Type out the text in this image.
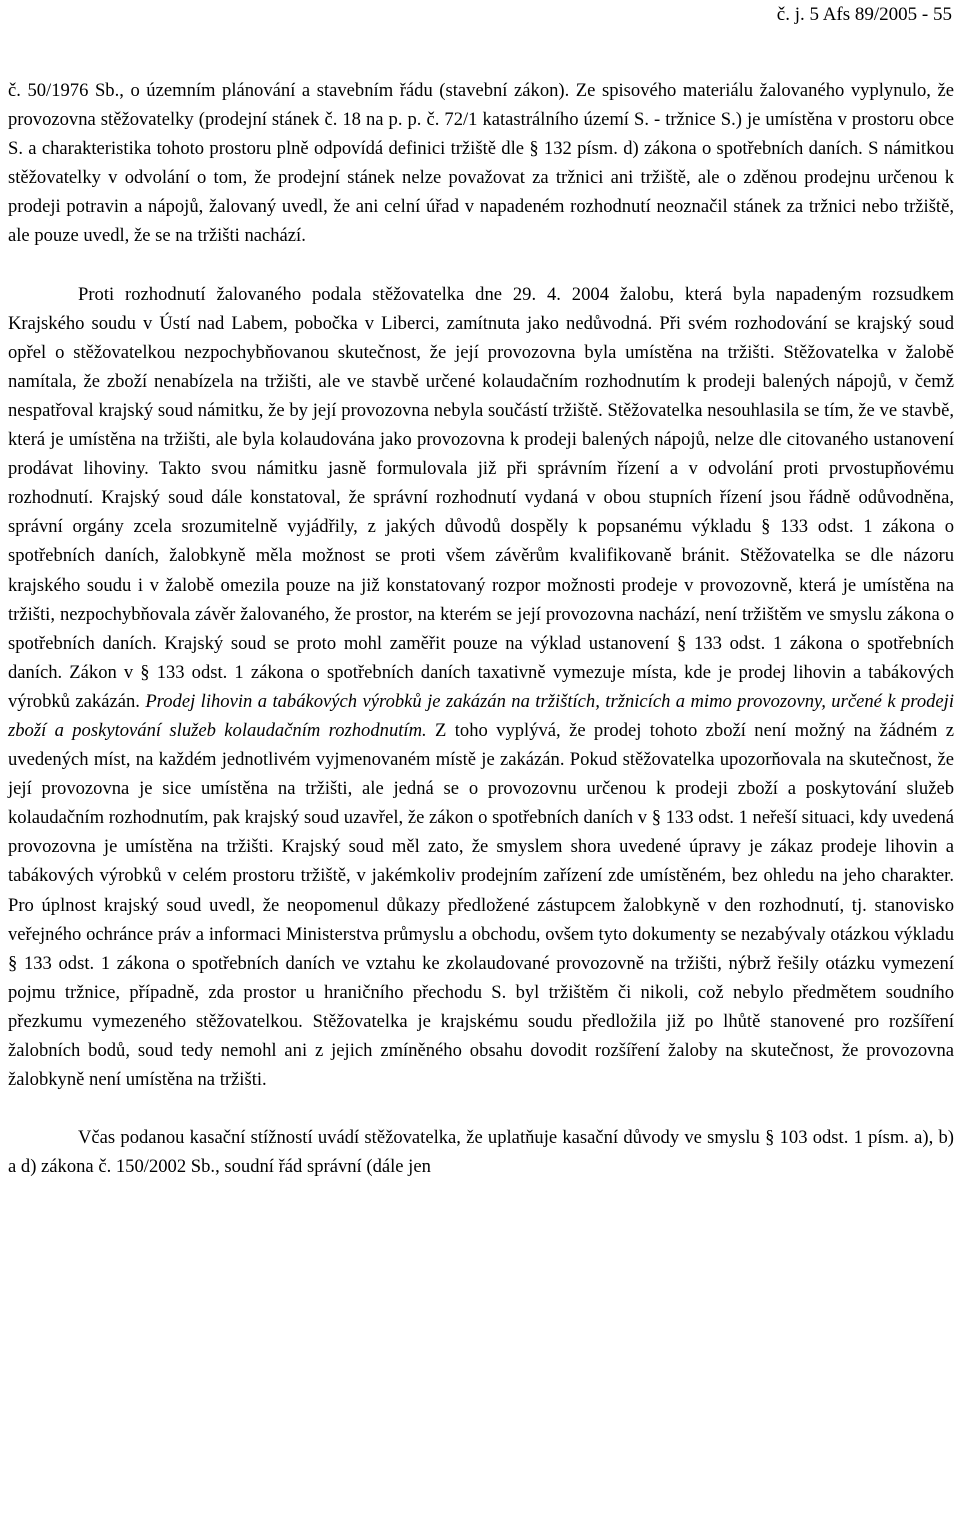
č. j. 5 Afs 89/2005 - 55

č. 50/1976 Sb., o územním plánování a stavebním řádu (stavební zákon). Ze spisového materiálu žalovaného vyplynulo, že provozovna stěžovatelky (prodejní stánek č. 18 na p. p. č. 72/1 katastrálního území S. - tržnice S.) je umístěna v prostoru obce S. a charakteristika tohoto prostoru plně odpovídá definici tržiště dle § 132 písm. d) zákona o spotřebních daních. S námitkou stěžovatelky v odvolání o tom, že prodejní stánek nelze považovat za tržnici ani tržiště, ale o zděnou prodejnu určenou k prodeji potravin a nápojů, žalovaný uvedl, že ani celní úřad v napadeném rozhodnutí neoznačil stánek za tržnici nebo tržiště, ale pouze uvedl, že se na tržišti nachází.

Proti rozhodnutí žalovaného podala stěžovatelka dne 29. 4. 2004 žalobu, která byla napadeným rozsudkem Krajského soudu v Ústí nad Labem, pobočka v Liberci, zamítnuta jako nedůvodná. Při svém rozhodování se krajský soud opřel o stěžovatelkou nezpochybňovanou skutečnost, že její provozovna byla umístěna na tržišti. Stěžovatelka v žalobě namítala, že zboží nenabízela na tržišti, ale ve stavbě určené kolaudačním rozhodnutím k prodeji balených nápojů, v čemž nespatřoval krajský soud námitku, že by její provozovna nebyla součástí tržiště. Stěžovatelka nesouhlasila se tím, že ve stavbě, která je umístěna na tržišti, ale byla kolaudována jako provozovna k prodeji balených nápojů, nelze dle citovaného ustanovení prodávat lihoviny. Takto svou námitku jasně formulovala již při správním řízení a v odvolání proti prvostupňovému rozhodnutí. Krajský soud dále konstatoval, že správní rozhodnutí vydaná v obou stupních řízení jsou řádně odůvodněna, správní orgány zcela srozumitelně vyjádřily, z jakých důvodů dospěly k popsanému výkladu § 133 odst. 1 zákona o spotřebních daních, žalobkyně měla možnost se proti všem závěrům kvalifikovaně bránit. Stěžovatelka se dle názoru krajského soudu i v žalobě omezila pouze na již konstatovaný rozpor možnosti prodeje v provozovně, která je umístěna na tržišti, nezpochybňovala závěr žalovaného, že prostor, na kterém se její provozovna nachází, není tržištěm ve smyslu zákona o spotřebních daních. Krajský soud se proto mohl zaměřit pouze na výklad ustanovení § 133 odst. 1 zákona o spotřebních daních. Zákon v § 133 odst. 1 zákona o spotřebních daních taxativně vymezuje místa, kde je prodej lihovin a tabákových výrobků zakázán. Prodej lihovin a tabákových výrobků je zakázán na tržištích, tržnicích a mimo provozovny, určené k prodeji zboží a poskytování služeb kolaudačním rozhodnutím. Z toho vyplývá, že prodej tohoto zboží není možný na žádném z uvedených míst, na každém jednotlivém vyjmenovaném místě je zakázán. Pokud stěžovatelka upozorňovala na skutečnost, že její provozovna je sice umístěna na tržišti, ale jedná se o provozovnu určenou k prodeji zboží a poskytování služeb kolaudačním rozhodnutím, pak krajský soud uzavřel, že zákon o spotřebních daních v § 133 odst. 1 neřeší situaci, kdy uvedená provozovna je umístěna na tržišti. Krajský soud měl zato, že smyslem shora uvedené úpravy je zákaz prodeje lihovin a tabákových výrobků v celém prostoru tržiště, v jakémkoliv prodejním zařízení zde umístěném, bez ohledu na jeho charakter. Pro úplnost krajský soud uvedl, že neopomenul důkazy předložené zástupcem žalobkyně v den rozhodnutí, tj. stanovisko veřejného ochránce práv a informaci Ministerstva průmyslu a obchodu, ovšem tyto dokumenty se nezabývaly otázkou výkladu § 133 odst. 1 zákona o spotřebních daních ve vztahu ke zkolaudované provozovně na tržišti, nýbrž řešily otázku vymezení pojmu tržnice, případně, zda prostor u hraničního přechodu S. byl tržištěm či nikoli, což nebylo předmětem soudního přezkumu vymezeného stěžovatelkou. Stěžovatelka je krajskému soudu předložila již po lhůtě stanovené pro rozšíření žalobních bodů, soud tedy nemohl ani z jejich zmíněného obsahu dovodit rozšíření žaloby na skutečnost, že provozovna žalobkyně není umístěna na tržišti.

Včas podanou kasační stížností uvádí stěžovatelka, že uplatňuje kasační důvody ve smyslu § 103 odst. 1 písm. a), b) a d) zákona č. 150/2002 Sb., soudní řád správní (dále jen
